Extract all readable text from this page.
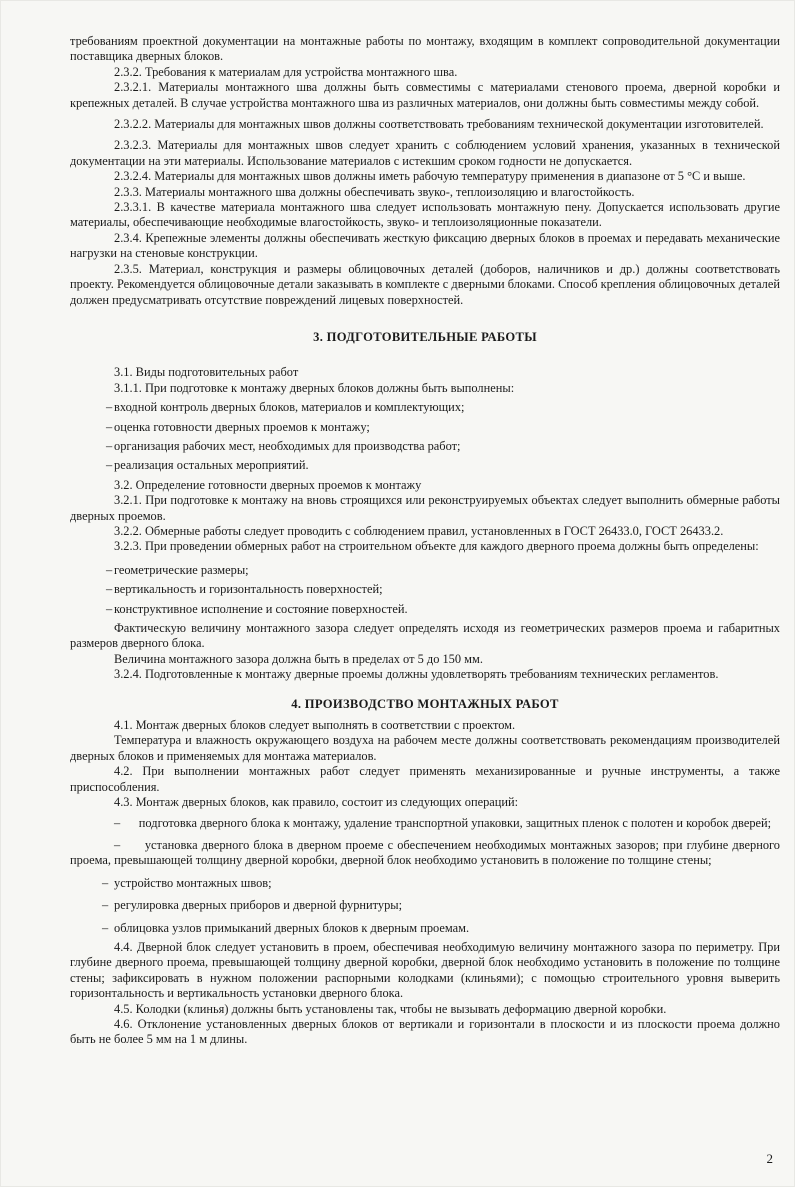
требованиям проектной документации на монтажные работы по монтажу, входящим в комплект сопроводительной документации поставщика дверных блоков.

2.3.2. Требования к материалам для устройства монтажного шва.

2.3.2.1. Материалы монтажного шва должны быть совместимы с материалами стенового проема, дверной коробки и крепежных деталей. В случае устройства монтажного шва из различных материалов, они должны быть совместимы между собой.

2.3.2.2. Материалы для монтажных швов должны соответствовать требованиям технической документации изготовителей.

2.3.2.3. Материалы для монтажных швов следует хранить с соблюдением условий хранения, указанных в технической документации на эти материалы. Использование материалов с истекшим сроком годности не допускается.

2.3.2.4. Материалы для монтажных швов должны иметь рабочую температуру применения в диапазоне от 5 °С и выше.

2.3.3. Материалы монтажного шва должны обеспечивать звуко-, теплоизоляцию и влагостойкость.

2.3.3.1. В качестве материала монтажного шва следует использовать монтажную пену. Допускается использовать другие материалы, обеспечивающие необходимые влагостойкость, звуко- и теплоизоляционные показатели.

2.3.4. Крепежные элементы должны обеспечивать жесткую фиксацию дверных блоков в проемах и передавать механические нагрузки на стеновые конструкции.

2.3.5. Материал, конструкция и размеры облицовочных деталей (доборов, наличников и др.) должны соответствовать проекту. Рекомендуется облицовочные детали заказывать в комплекте с дверными блоками. Способ крепления облицовочных деталей должен предусматривать отсутствие повреждений лицевых поверхностей.

3. ПОДГОТОВИТЕЛЬНЫЕ РАБОТЫ

3.1. Виды подготовительных работ

3.1.1. При подготовке к монтажу дверных блоков должны быть выполнены:

– входной контроль дверных блоков, материалов и комплектующих;
– оценка готовности дверных проемов к монтажу;
– организация рабочих мест, необходимых для производства работ;
– реализация остальных мероприятий.

3.2. Определение готовности дверных проемов к монтажу

3.2.1. При подготовке к монтажу на вновь строящихся или реконструируемых объектах следует выполнить обмерные работы дверных проемов.

3.2.2. Обмерные работы следует проводить с соблюдением правил, установленных в ГОСТ 26433.0, ГОСТ 26433.2.

3.2.3. При проведении обмерных работ на строительном объекте для каждого дверного проема должны быть определены:

– геометрические размеры;
– вертикальность и горизонтальность поверхностей;
– конструктивное исполнение и состояние поверхностей.

Фактическую величину монтажного зазора следует определять исходя из геометрических размеров проема и габаритных размеров дверного блока.

Величина монтажного зазора должна быть в пределах от 5 до 150 мм.

3.2.4. Подготовленные к монтажу дверные проемы должны удовлетворять требованиям технических регламентов.

4. ПРОИЗВОДСТВО МОНТАЖНЫХ РАБОТ

4.1. Монтаж дверных блоков следует выполнять в соответствии с проектом.

Температура и влажность окружающего воздуха на рабочем месте должны соответствовать рекомендациям производителей дверных блоков и применяемых для монтажа материалов.

4.2. При выполнении монтажных работ следует применять механизированные и ручные инструменты, а также приспособления.

4.3. Монтаж дверных блоков, как правило, состоит из следующих операций:

– подготовка дверного блока к монтажу, удаление транспортной упаковки, защитных пленок с полотен и коробок дверей;

– установка дверного блока в дверном проеме с обеспечением необходимых монтажных зазоров; при глубине дверного проема, превышающей толщину дверной коробки, дверной блок необходимо установить в положение по толщине стены;

– устройство монтажных швов;
– регулировка дверных приборов и дверной фурнитуры;
– облицовка узлов примыканий дверных блоков к дверным проемам.

4.4. Дверной блок следует установить в проем, обеспечивая необходимую величину монтажного зазора по периметру. При глубине дверного проема, превышающей толщину дверной коробки, дверной блок необходимо установить в положение по толщине стены; зафиксировать в нужном положении распорными колодками (клиньями); с помощью строительного уровня выверить горизонтальность и вертикальность установки дверного блока.

4.5. Колодки (клинья) должны быть установлены так, чтобы не вызывать деформацию дверной коробки.

4.6. Отклонение установленных дверных блоков от вертикали и горизонтали в плоскости и из плоскости проема должно быть не более 5 мм на 1 м длины.

2
